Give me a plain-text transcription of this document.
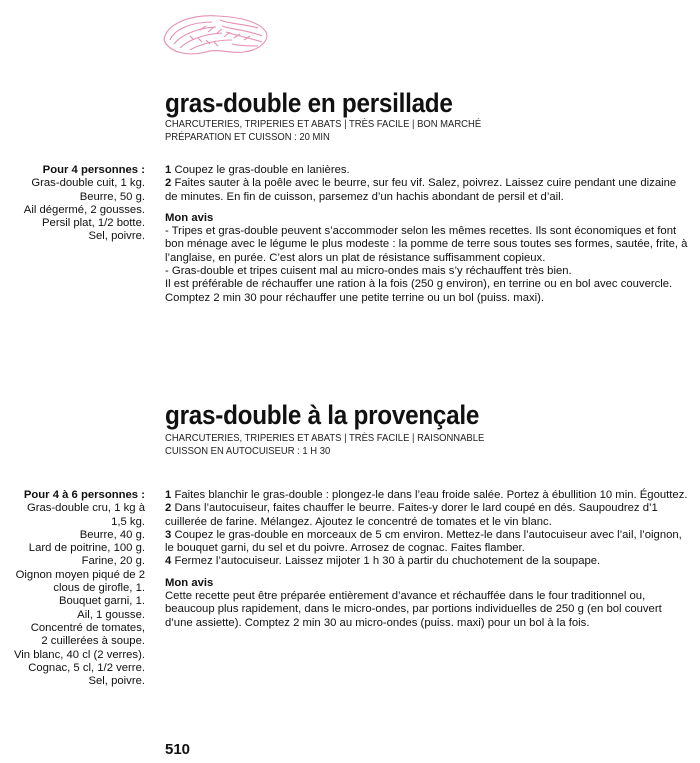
gras-double en persillade
CHARCUTERIES, TRIPERIES ET ABATS | TRÈS FACILE | BON MARCHÉ
PRÉPARATION ET CUISSON : 20 MIN
Pour 4 personnes :
Gras-double cuit, 1 kg.
Beurre, 50 g.
Ail dégermé, 2 gousses.
Persil plat, 1/2 botte.
Sel, poivre.

1 Coupez le gras-double en lanières.

2 Faites sauter à la poêle avec le beurre, sur feu vif. Salez, poivrez. Laissez cuire pendant une dizaine de minutes. En fin de cuisson, parsemez d’un hachis abondant de persil et d’ail.

Mon avis
- Tripes et gras-double peuvent s’accommoder selon les mêmes recettes. Ils sont économiques et font bon ménage avec le légume le plus modeste : la pomme de terre sous toutes ses formes, sautée, frite, à l’anglaise, en purée. C’est alors un plat de résistance suffisamment copieux.
- Gras-double et tripes cuisent mal au micro-ondes mais s’y réchauffent très bien.
Il est préférable de réchauffer une ration à la fois (250 g environ), en terrine ou en bol avec couvercle. Comptez 2 min 30 pour réchauffer une petite terrine ou un bol (puiss. maxi).
gras-double à la provençale
CHARCUTERIES, TRIPERIES ET ABATS | TRÈS FACILE | RAISONNABLE
CUISSON EN AUTOCUISEUR : 1 H 30
Pour 4 à 6 personnes :
Gras-double cru, 1 kg à
1,5 kg.
Beurre, 40 g.
Lard de poitrine, 100 g.
Farine, 20 g.
Oignon moyen piqué de 2
clous de girofle, 1.
Bouquet garni, 1.
Ail, 1 gousse.
Concentré de tomates,
2 cuillerées à soupe.
Vin blanc, 40 cl (2 verres).
Cognac, 5 cl, 1/2 verre.
Sel, poivre.

1 Faites blanchir le gras-double : plongez-le dans l’eau froide salée. Portez à ébullition 10 min. Égouttez.

2 Dans l’autocuiseur, faites chauffer le beurre. Faites-y dorer le lard coupé en dés. Saupoudrez d’1 cuillerée de farine. Mélangez. Ajoutez le concentré de tomates et le vin blanc.

3 Coupez le gras-double en morceaux de 5 cm environ. Mettez-le dans l’autocuiseur avec l’ail, l’oignon, le bouquet garni, du sel et du poivre. Arrosez de cognac. Faites flamber.

4 Fermez l’autocuiseur. Laissez mijoter 1 h 30 à partir du chuchotement de la soupape.

Mon avis
Cette recette peut être préparée entièrement d’avance et réchauffée dans le four traditionnel ou, beaucoup plus rapidement, dans le micro-ondes, par portions individuelles de 250 g (en bol couvert d’une assiette). Comptez 2 min 30 au micro-ondes (puiss. maxi) pour un bol à la fois.
510
